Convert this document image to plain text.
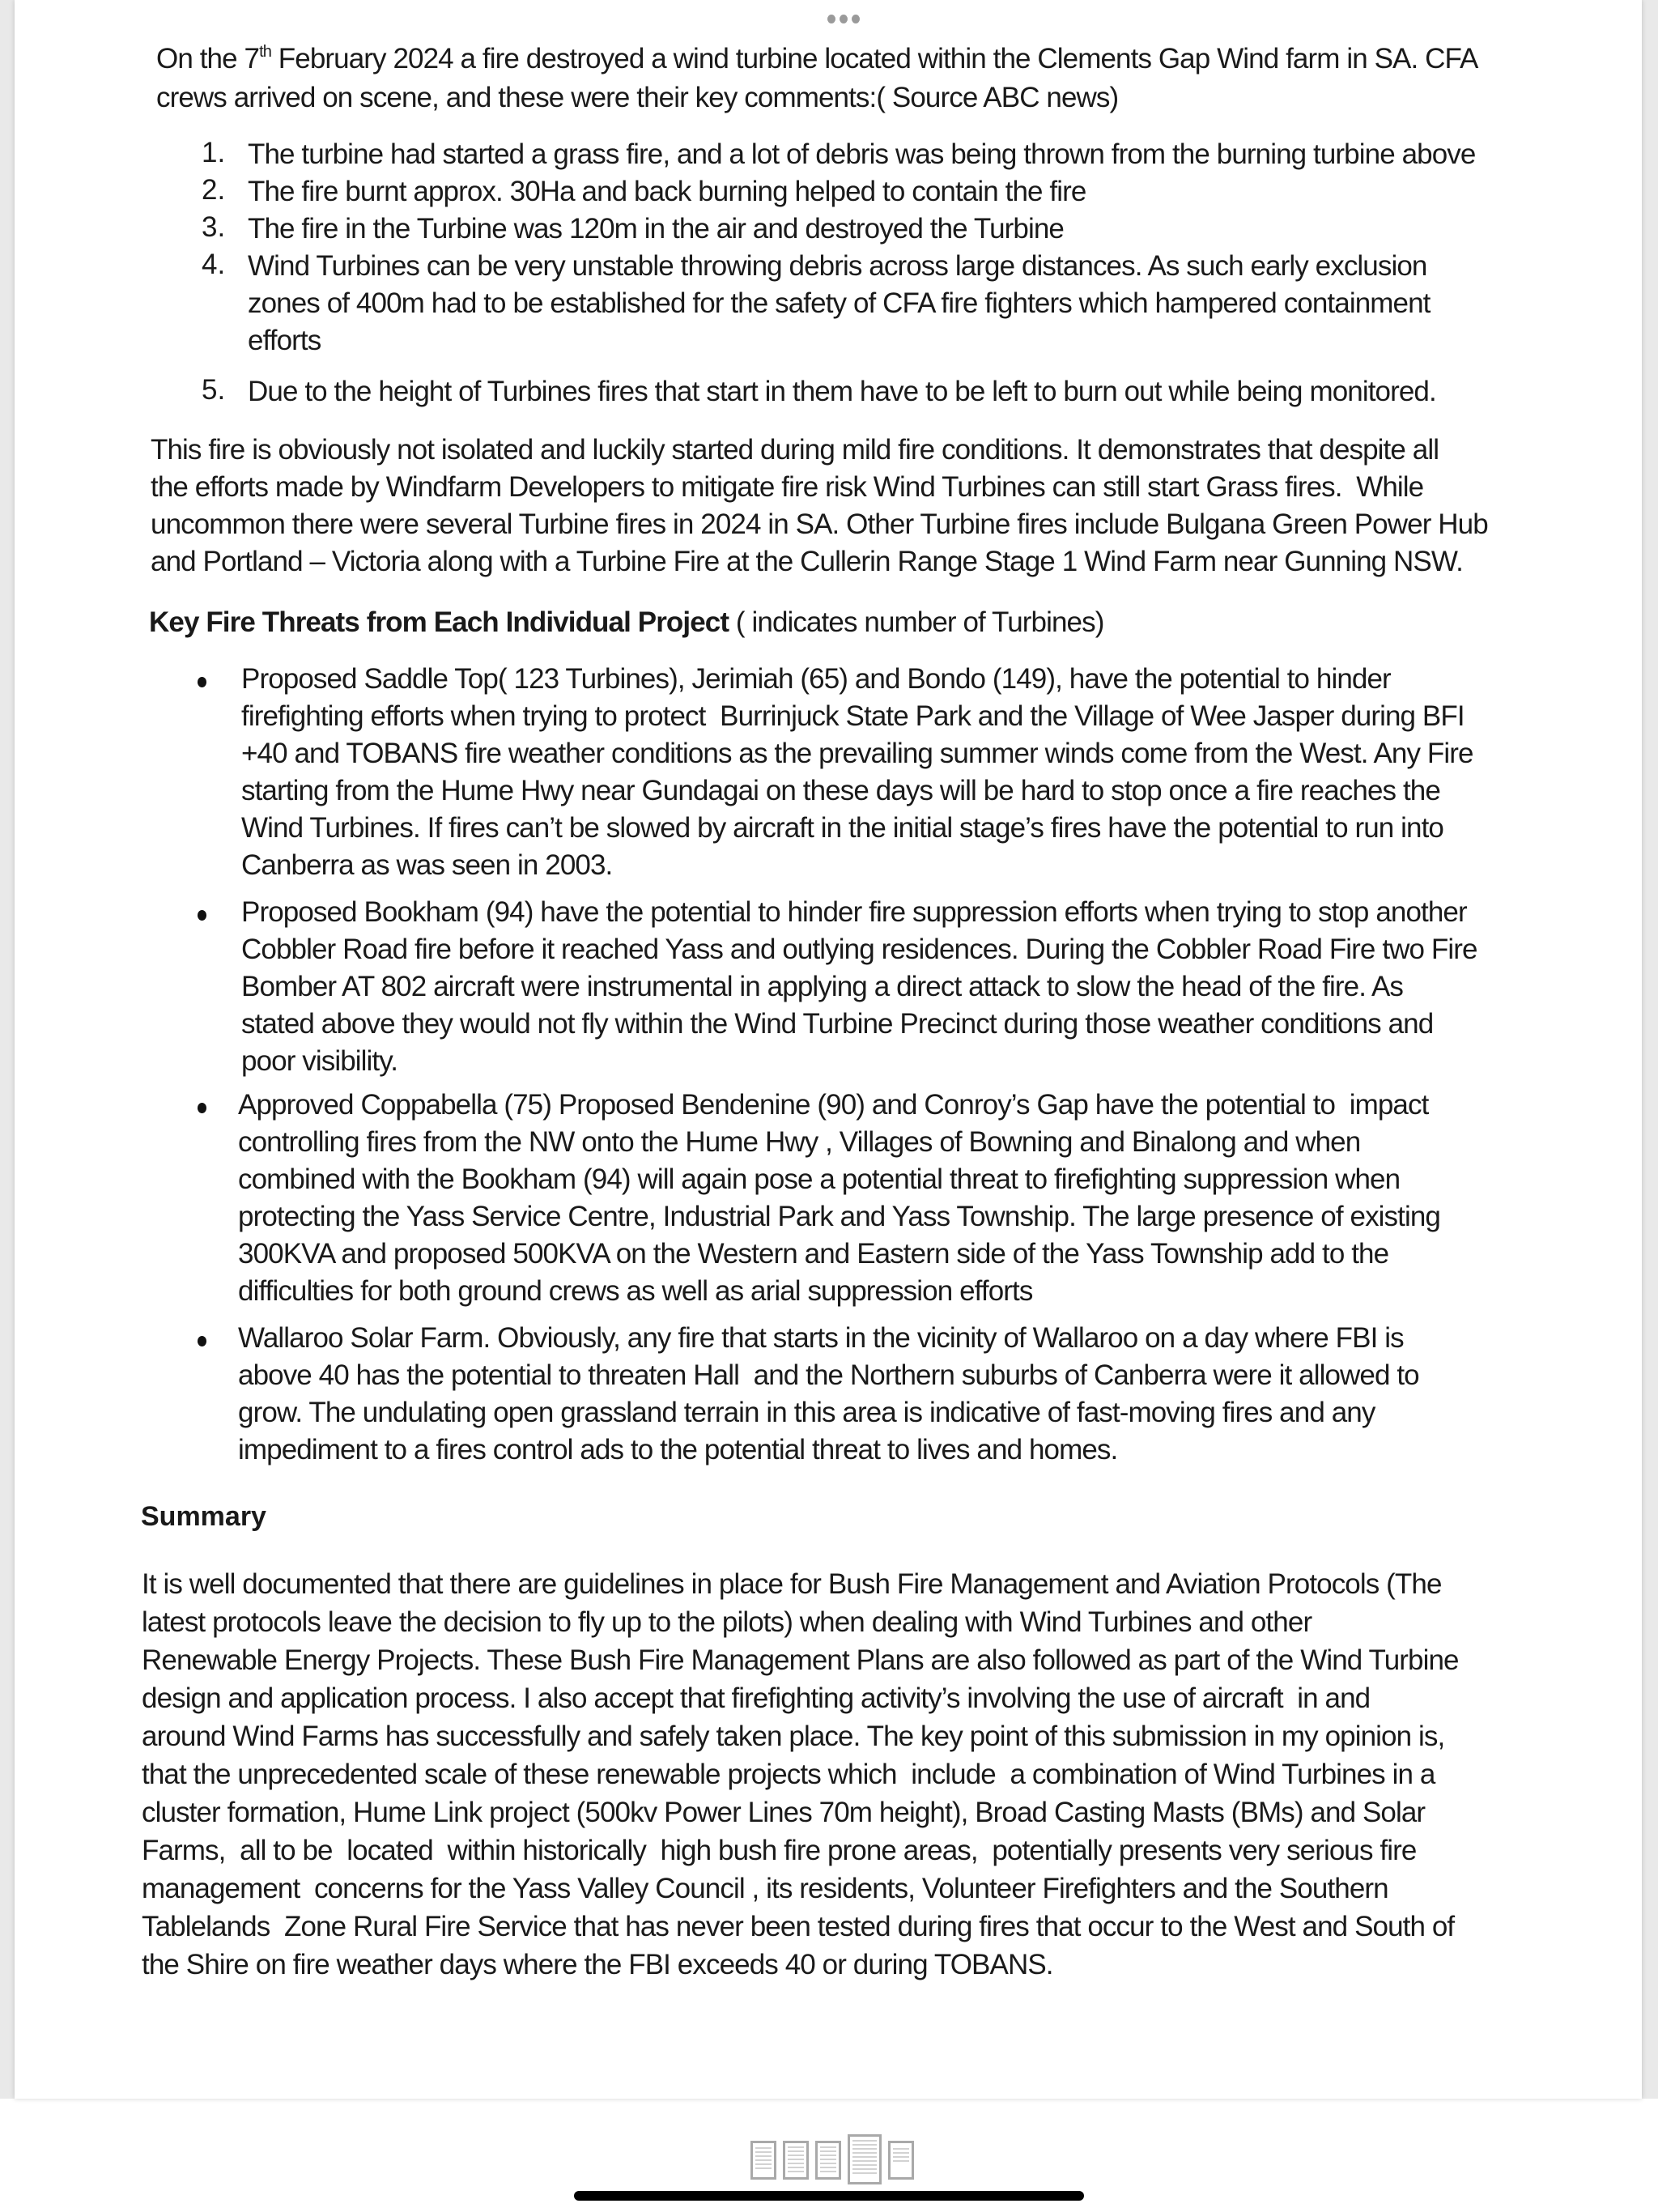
On the 7th February 2024 a fire destroyed a wind turbine located within the Clements Gap Wind farm in SA. CFA
crews arrived on scene, and these were their key comments:( Source ABC news)
1. The turbine had started a grass fire, and a lot of debris was being thrown from the burning turbine above
2. The fire burnt approx. 30Ha and back burning helped to contain the fire
3. The fire in the Turbine was 120m in the air and destroyed the Turbine
4. Wind Turbines can be very unstable throwing debris across large distances. As such early exclusion
zones of 400m had to be established for the safety of CFA fire fighters which hampered containment
efforts
5. Due to the height of Turbines fires that start in them have to be left to burn out while being monitored.
This fire is obviously not isolated and luckily started during mild fire conditions. It demonstrates that despite all
the efforts made by Windfarm Developers to mitigate fire risk Wind Turbines can still start Grass fires.  While
uncommon there were several Turbine fires in 2024 in SA. Other Turbine fires include Bulgana Green Power Hub
and Portland – Victoria along with a Turbine Fire at the Cullerin Range Stage 1 Wind Farm near Gunning NSW.
Key Fire Threats from Each Individual Project ( indicates number of Turbines)
Proposed Saddle Top( 123 Turbines), Jerimiah (65) and Bondo (149), have the potential to hinder
firefighting efforts when trying to protect  Burrinjuck State Park and the Village of Wee Jasper during BFI
+40 and TOBANS fire weather conditions as the prevailing summer winds come from the West. Any Fire
starting from the Hume Hwy near Gundagai on these days will be hard to stop once a fire reaches the
Wind Turbines. If fires can’t be slowed by aircraft in the initial stage’s fires have the potential to run into
Canberra as was seen in 2003.
Proposed Bookham (94) have the potential to hinder fire suppression efforts when trying to stop another
Cobbler Road fire before it reached Yass and outlying residences. During the Cobbler Road Fire two Fire
Bomber AT 802 aircraft were instrumental in applying a direct attack to slow the head of the fire. As
stated above they would not fly within the Wind Turbine Precinct during those weather conditions and
poor visibility.
Approved Coppabella (75) Proposed Bendenine (90) and Conroy’s Gap have the potential to  impact
controlling fires from the NW onto the Hume Hwy , Villages of Bowning and Binalong and when
combined with the Bookham (94) will again pose a potential threat to firefighting suppression when
protecting the Yass Service Centre, Industrial Park and Yass Township. The large presence of existing
300KVA and proposed 500KVA on the Western and Eastern side of the Yass Township add to the
difficulties for both ground crews as well as arial suppression efforts
Wallaroo Solar Farm. Obviously, any fire that starts in the vicinity of Wallaroo on a day where FBI is
above 40 has the potential to threaten Hall  and the Northern suburbs of Canberra were it allowed to
grow. The undulating open grassland terrain in this area is indicative of fast-moving fires and any
impediment to a fires control ads to the potential threat to lives and homes.
Summary
It is well documented that there are guidelines in place for Bush Fire Management and Aviation Protocols (The
latest protocols leave the decision to fly up to the pilots) when dealing with Wind Turbines and other
Renewable Energy Projects. These Bush Fire Management Plans are also followed as part of the Wind Turbine
design and application process. I also accept that firefighting activity’s involving the use of aircraft  in and
around Wind Farms has successfully and safely taken place. The key point of this submission in my opinion is,
that the unprecedented scale of these renewable projects which  include  a combination of Wind Turbines in a
cluster formation, Hume Link project (500kv Power Lines 70m height), Broad Casting Masts (BMs) and Solar
Farms,  all to be  located  within historically  high bush fire prone areas,  potentially presents very serious fire
management  concerns for the Yass Valley Council , its residents, Volunteer Firefighters and the Southern
Tablelands  Zone Rural Fire Service that has never been tested during fires that occur to the West and South of
the Shire on fire weather days where the FBI exceeds 40 or during TOBANS.
